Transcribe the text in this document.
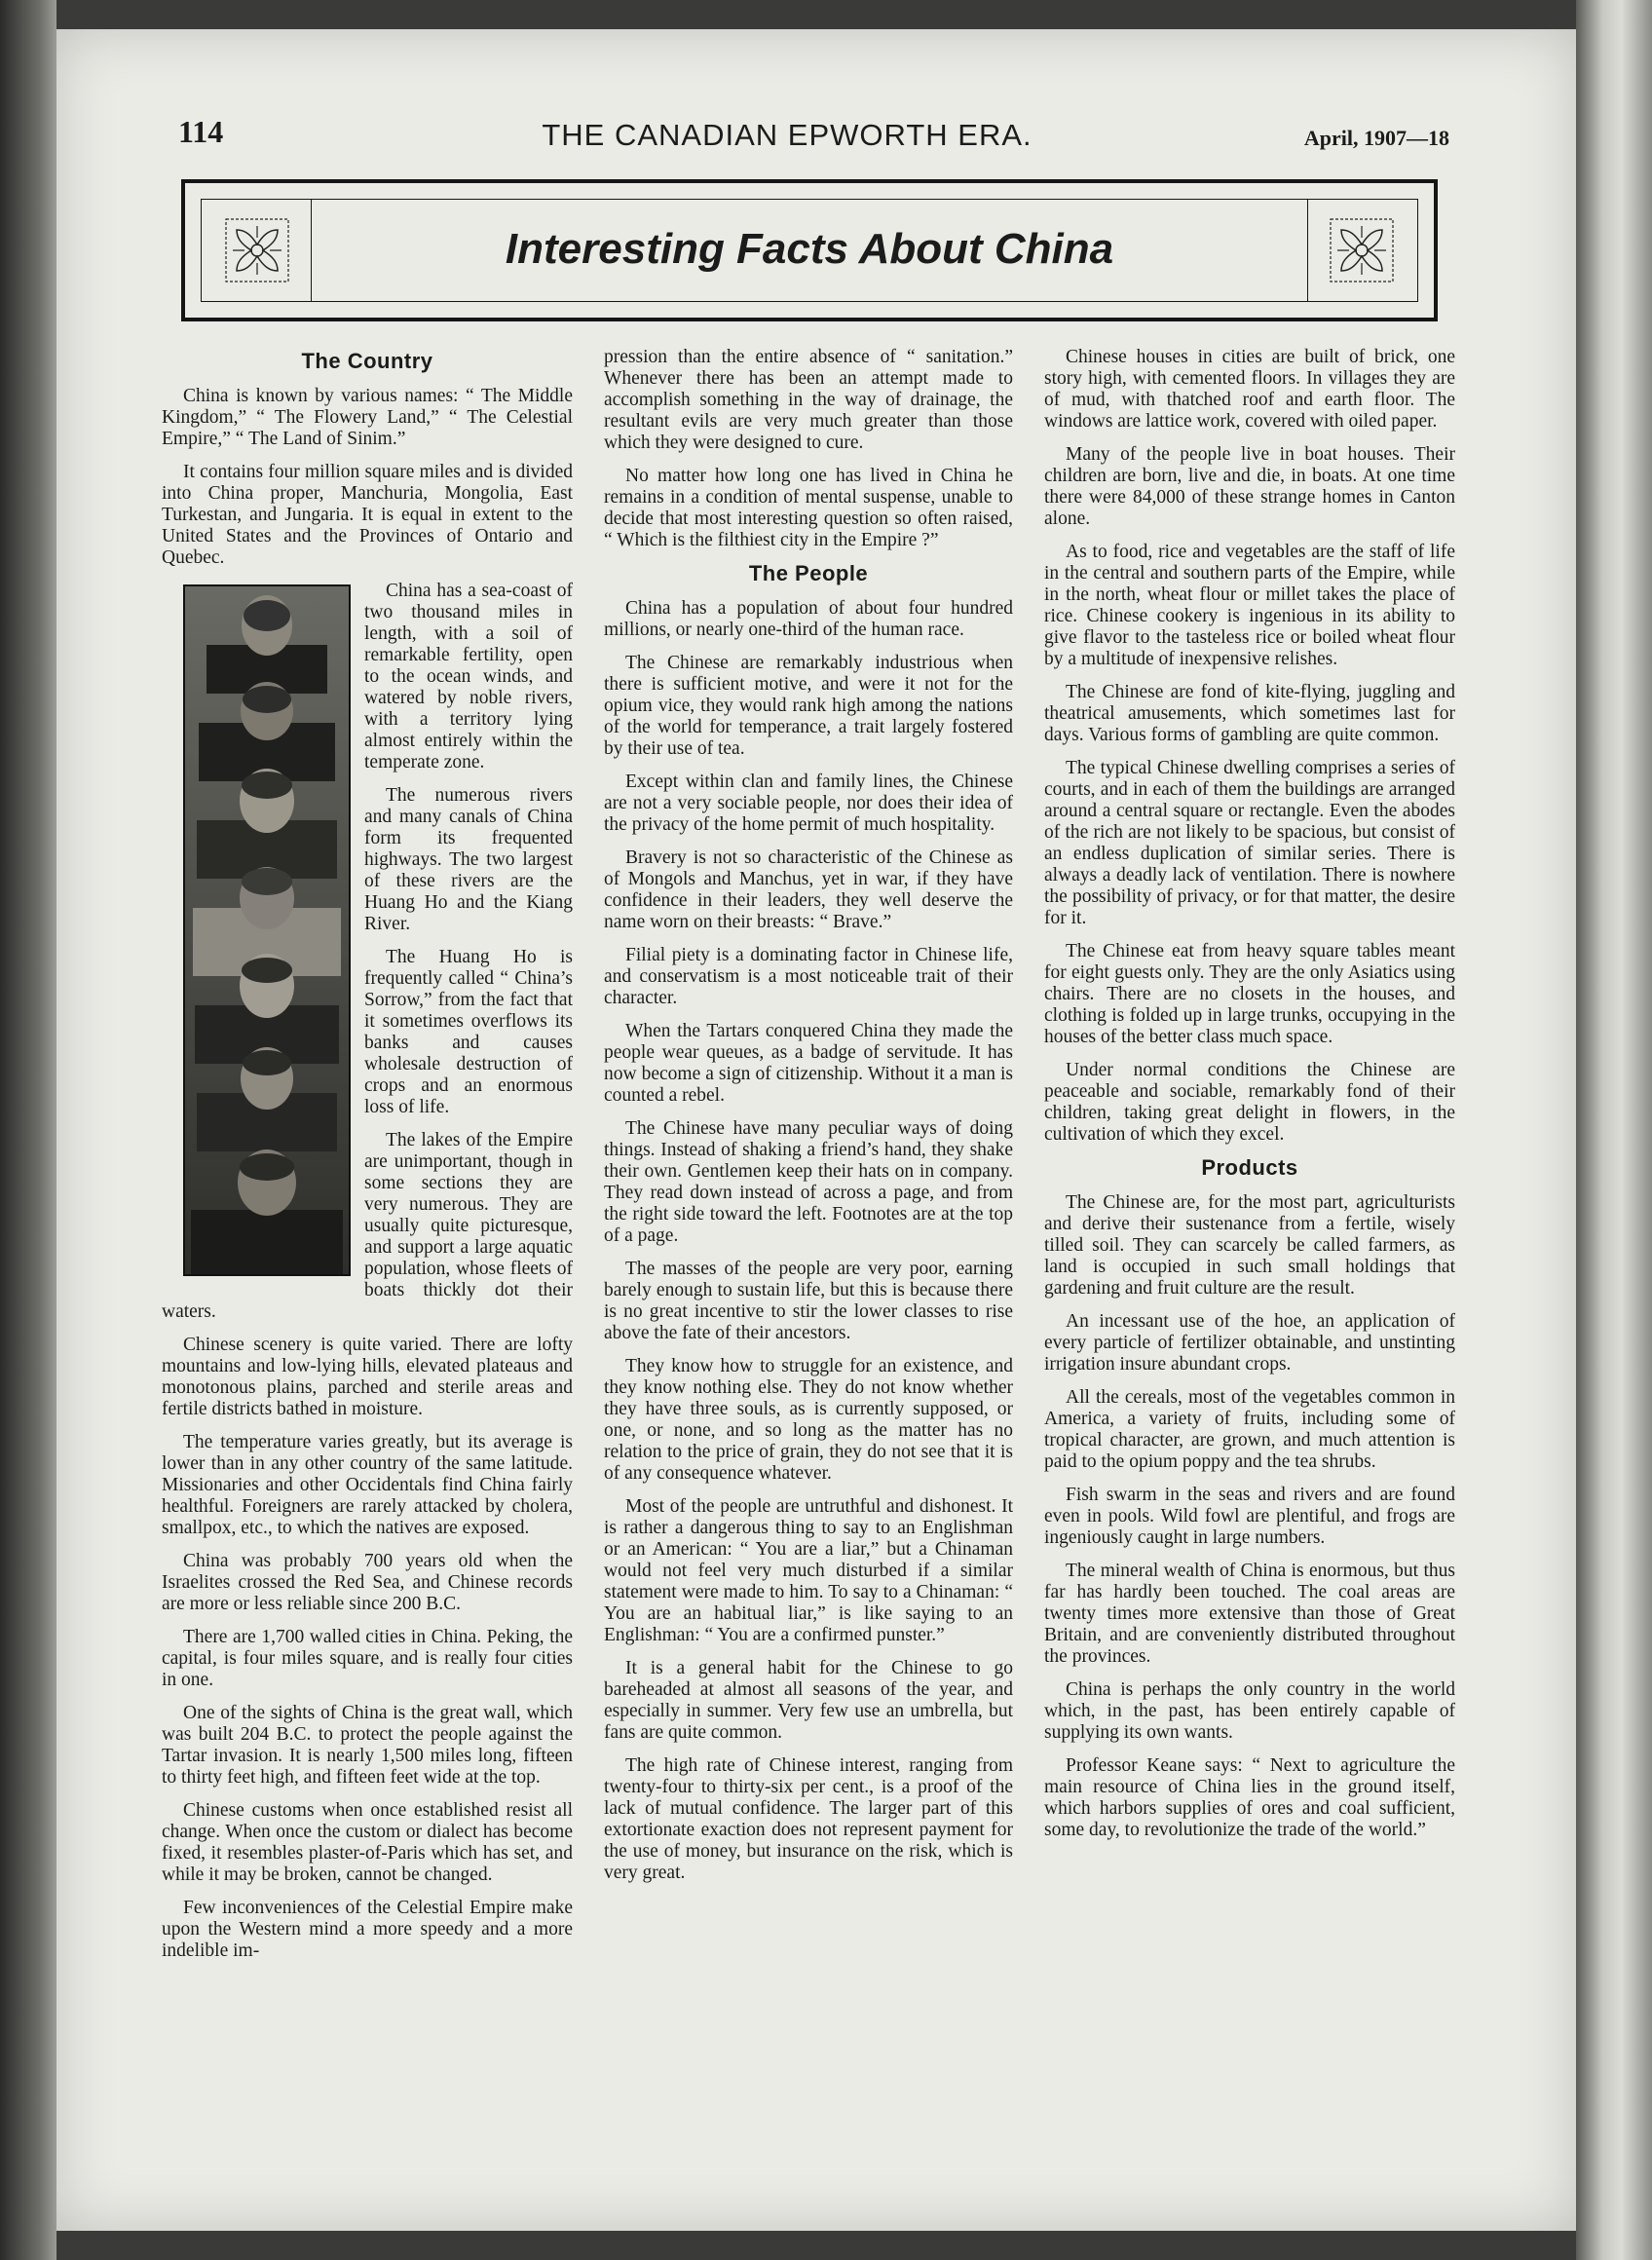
114	THE CANADIAN EPWORTH ERA.	April, 1907—18
Interesting Facts About China
The Country

China is known by various names: “ The Middle Kingdom,” “ The Flowery Land,” “ The Celestial Empire,” “ The Land of Sinim.”

It contains four million square miles and is divided into China proper, Manchuria, Mongolia, East Turkestan, and Jungaria. It is equal in extent to the United States and the Provinces of Ontario and Quebec.

China has a sea-coast of two thousand miles in length, with a soil of remarkable fertility, open to the ocean winds, and watered by noble rivers, with a territory lying almost entirely within the temperate zone.

The numerous rivers and many canals of China form its frequented highways. The two largest of these rivers are the Huang Ho and the Kiang River.

The Huang Ho is frequently called “ China’s Sorrow,” from the fact that it sometimes overflows its banks and causes wholesale destruction of crops and an enormous loss of life.

The lakes of the Empire are unimportant, though in some sections they are very numerous. They are usually quite picturesque, and support a large aquatic population, whose fleets of boats thickly dot their waters.

Chinese scenery is quite varied. There are lofty mountains and low-lying hills, elevated plateaus and monotonous plains, parched and sterile areas and fertile districts bathed in moisture.

The temperature varies greatly, but its average is lower than in any other country of the same latitude. Missionaries and other Occidentals find China fairly healthful. Foreigners are rarely attacked by cholera, smallpox, etc., to which the natives are exposed.

China was probably 700 years old when the Israelites crossed the Red Sea, and Chinese records are more or less reliable since 200 B.C.

There are 1,700 walled cities in China. Peking, the capital, is four miles square, and is really four cities in one.

One of the sights of China is the great wall, which was built 204 B.C. to protect the people against the Tartar invasion. It is nearly 1,500 miles long, fifteen to thirty feet high, and fifteen feet wide at the top.

Chinese customs when once established resist all change. When once the custom or dialect has become fixed, it resembles plaster-of-Paris which has set, and while it may be broken, cannot be changed.

Few inconveniences of the Celestial Empire make upon the Western mind a more speedy and a more indelible im-

pression than the entire absence of “ sanitation.” Whenever there has been an attempt made to accomplish something in the way of drainage, the resultant evils are very much greater than those which they were designed to cure.

No matter how long one has lived in China he remains in a condition of mental suspense, unable to decide that most interesting question so often raised, “ Which is the filthiest city in the Empire ?”

The People

China has a population of about four hundred millions, or nearly one-third of the human race.

The Chinese are remarkably industrious when there is sufficient motive, and were it not for the opium vice, they would rank high among the nations of the world for temperance, a trait largely fostered by their use of tea.

Except within clan and family lines, the Chinese are not a very sociable people, nor does their idea of the privacy of the home permit of much hospitality.

Bravery is not so characteristic of the Chinese as of Mongols and Manchus, yet in war, if they have confidence in their leaders, they well deserve the name worn on their breasts: “ Brave.”

Filial piety is a dominating factor in Chinese life, and conservatism is a most noticeable trait of their character.

When the Tartars conquered China they made the people wear queues, as a badge of servitude. It has now become a sign of citizenship. Without it a man is counted a rebel.

The Chinese have many peculiar ways of doing things. Instead of shaking a friend’s hand, they shake their own. Gentlemen keep their hats on in company. They read down instead of across a page, and from the right side toward the left. Footnotes are at the top of a page.

The masses of the people are very poor, earning barely enough to sustain life, but this is because there is no great incentive to stir the lower classes to rise above the fate of their ancestors.

They know how to struggle for an existence, and they know nothing else. They do not know whether they have three souls, as is currently supposed, or one, or none, and so long as the matter has no relation to the price of grain, they do not see that it is of any consequence whatever.

Most of the people are untruthful and dishonest. It is rather a dangerous thing to say to an Englishman or an American: “ You are a liar,” but a Chinaman would not feel very much disturbed if a similar statement were made to him. To say to a Chinaman: “ You are an habitual liar,” is like saying to an Englishman: “ You are a confirmed punster.”

It is a general habit for the Chinese to go bareheaded at almost all seasons of the year, and especially in summer. Very few use an umbrella, but fans are quite common.

The high rate of Chinese interest, ranging from twenty-four to thirty-six per cent., is a proof of the lack of mutual confidence. The larger part of this extortionate exaction does not represent payment for the use of money, but insurance on the risk, which is very great.

Chinese houses in cities are built of brick, one story high, with cemented floors. In villages they are of mud, with thatched roof and earth floor. The windows are lattice work, covered with oiled paper.

Many of the people live in boat houses. Their children are born, live and die, in boats. At one time there were 84,000 of these strange homes in Canton alone.

As to food, rice and vegetables are the staff of life in the central and southern parts of the Empire, while in the north, wheat flour or millet takes the place of rice. Chinese cookery is ingenious in its ability to give flavor to the tasteless rice or boiled wheat flour by a multitude of inexpensive relishes.

The Chinese are fond of kite-flying, juggling and theatrical amusements, which sometimes last for days. Various forms of gambling are quite common.

The typical Chinese dwelling comprises a series of courts, and in each of them the buildings are arranged around a central square or rectangle. Even the abodes of the rich are not likely to be spacious, but consist of an endless duplication of similar series. There is always a deadly lack of ventilation. There is nowhere the possibility of privacy, or for that matter, the desire for it.

The Chinese eat from heavy square tables meant for eight guests only. They are the only Asiatics using chairs. There are no closets in the houses, and clothing is folded up in large trunks, occupying in the houses of the better class much space.

Under normal conditions the Chinese are peaceable and sociable, remarkably fond of their children, taking great delight in flowers, in the cultivation of which they excel.

Products

The Chinese are, for the most part, agriculturists and derive their sustenance from a fertile, wisely tilled soil. They can scarcely be called farmers, as land is occupied in such small holdings that gardening and fruit culture are the result.

An incessant use of the hoe, an application of every particle of fertilizer obtainable, and unstinting irrigation insure abundant crops.

All the cereals, most of the vegetables common in America, a variety of fruits, including some of tropical character, are grown, and much attention is paid to the opium poppy and the tea shrubs.

Fish swarm in the seas and rivers and are found even in pools. Wild fowl are plentiful, and frogs are ingeniously caught in large numbers.

The mineral wealth of China is enormous, but thus far has hardly been touched. The coal areas are twenty times more extensive than those of Great Britain, and are conveniently distributed throughout the provinces.

China is perhaps the only country in the world which, in the past, has been entirely capable of supplying its own wants.

Professor Keane says: “ Next to agriculture the main resource of China lies in the ground itself, which harbors supplies of ores and coal sufficient, some day, to revolutionize the trade of the world.”
